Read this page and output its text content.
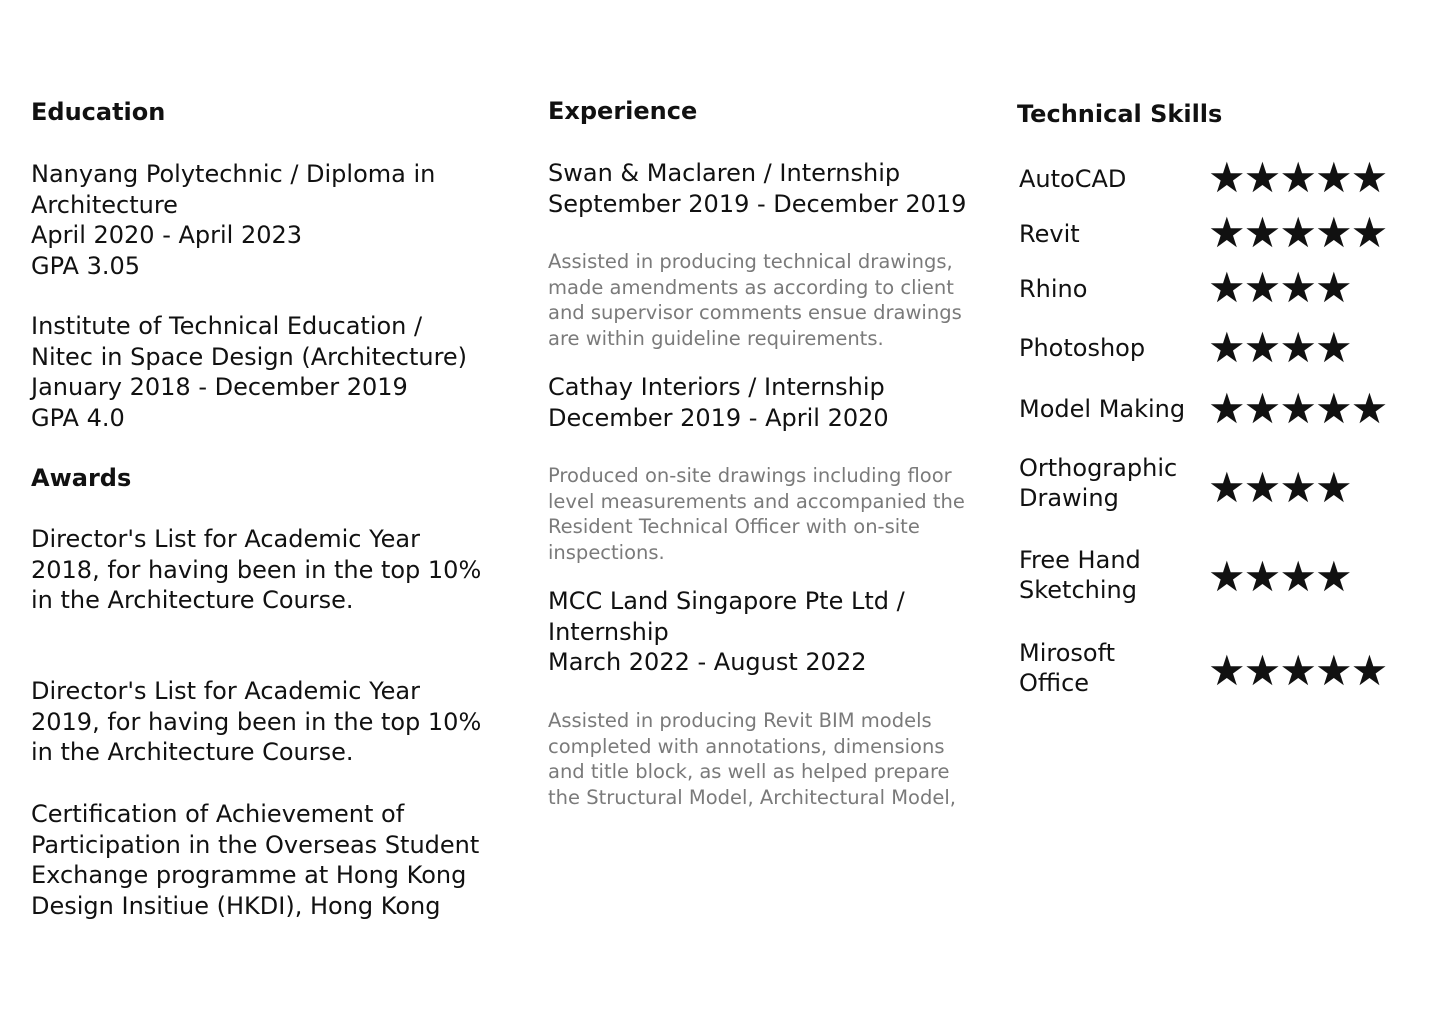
Education
Nanyang Polytechnic / Diploma in
Architecture
April 2020 - April 2023
GPA 3.05
Institute of Technical Education /
Nitec in Space Design (Architecture)
January 2018 - December 2019
GPA 4.0
Awards
Director's List for Academic Year
2018, for having been in the top 10%
in the Architecture Course.
Director's List for Academic Year
2019, for having been in the top 10%
in the Architecture Course.
Certification of Achievement of
Participation in the Overseas Student
Exchange programme at Hong Kong
Design Insitiue (HKDI), Hong Kong
Experience
Swan & Maclaren / Internship
September 2019 - December 2019
Assisted in producing technical drawings,
made amendments as according to client
and supervisor comments ensue drawings
are within guideline requirements.
Cathay Interiors / Internship
December 2019 - April 2020
Produced on-site drawings including floor
level measurements and accompanied the
Resident Technical Officer with on-site
inspections.
MCC Land Singapore Pte Ltd /
Internship
March 2022 - August 2022
Assisted in producing Revit BIM models
completed with annotations, dimensions
and title block, as well as helped prepare
the Structural Model, Architectural Model,
Technical Skills
AutoCAD ★★★★★
Revit	★★★★★
Rhino	★★★★
Photoshop ★★★★
Model Making ★★★★★
Orthographic
Drawing	★★★★
Free Hand
Sketching ★★★★
Mirosoft
Office	★★★★★
